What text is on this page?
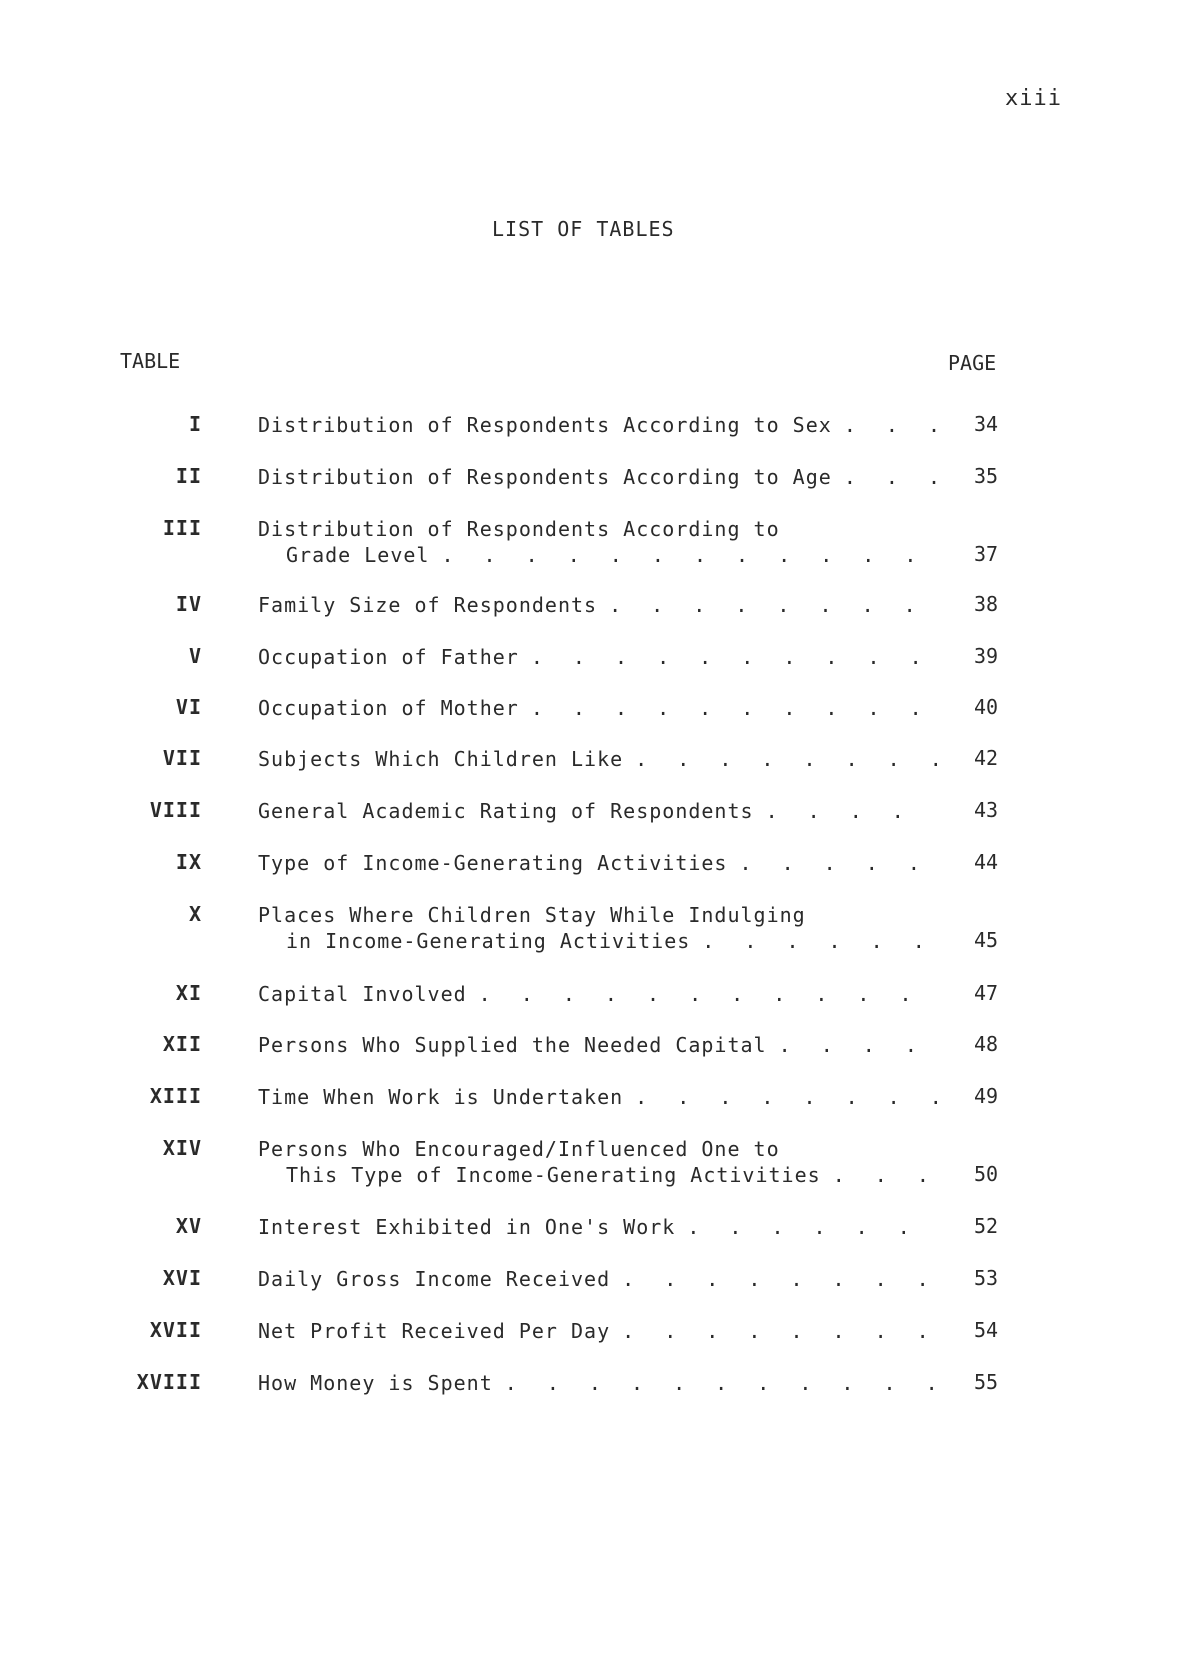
xiii
LIST OF TABLES
TABLE	PAGE
I	Distribution of Respondents According to Sex . . .	34
II	Distribution of Respondents According to Age . . .	35
III	Distribution of Respondents According to
Grade Level . . .	37
IV	Family Size of Respondents . . .	38
V	Occupation of Father . . .	39
VI	Occupation of Mother . . .	40
VII	Subjects Which Children Like . . .	42
VIII	General Academic Rating of Respondents . . .	43
IX	Type of Income-Generating Activities . . .	44
X	Places Where Children Stay While Indulging
in Income-Generating Activities . . .	45
XI	Capital Involved . . .	47
XII	Persons Who Supplied the Needed Capital . . .	48
XIII	Time When Work is Undertaken . . .	49
XIV	Persons Who Encouraged/Influenced One to
This Type of Income-Generating Activities . . .	50
XV	Interest Exhibited in One's Work . . .	52
XVI	Daily Gross Income Received . . .	53
XVII	Net Profit Received Per Day . . .	54
XVIII	How Money is Spent . . .	55
